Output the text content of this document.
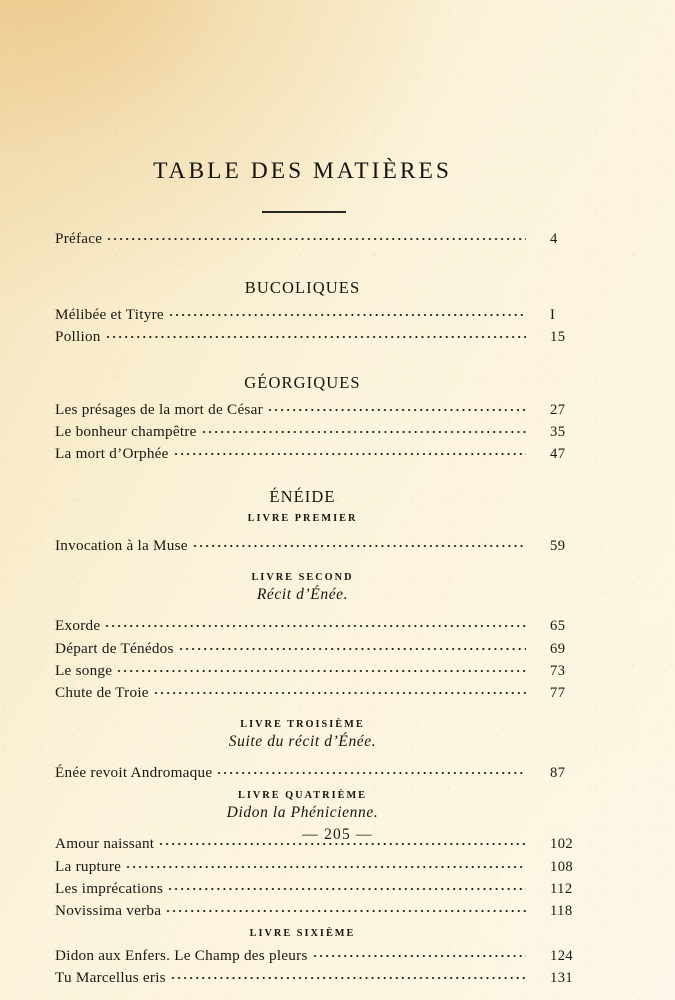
TABLE DES MATIÈRES
Préface	4
BUCOLIQUES
Mélibée et Tityre	I
Pollion	15
GÉORGIQUES
Les présages de la mort de César	27
Le bonheur champêtre	35
La mort d’Orphée	47
ÉNÉIDE
LIVRE PREMIER
Invocation à la Muse	59
LIVRE SECOND
Récit d’Énée.
Exorde	65
Départ de Ténédos	69
Le songe	73
Chute de Troie	77
LIVRE TROISIÈME
Suite du récit d’Énée.
Énée revoit Andromaque	87
LIVRE QUATRIÈME
Didon la Phénicienne.
Amour naissant	102
La rupture	108
Les imprécations	112
Novissima verba	118
LIVRE SIXIÈME
Didon aux Enfers. Le Champ des pleurs	124
Tu Marcellus eris	131
— 205 —
